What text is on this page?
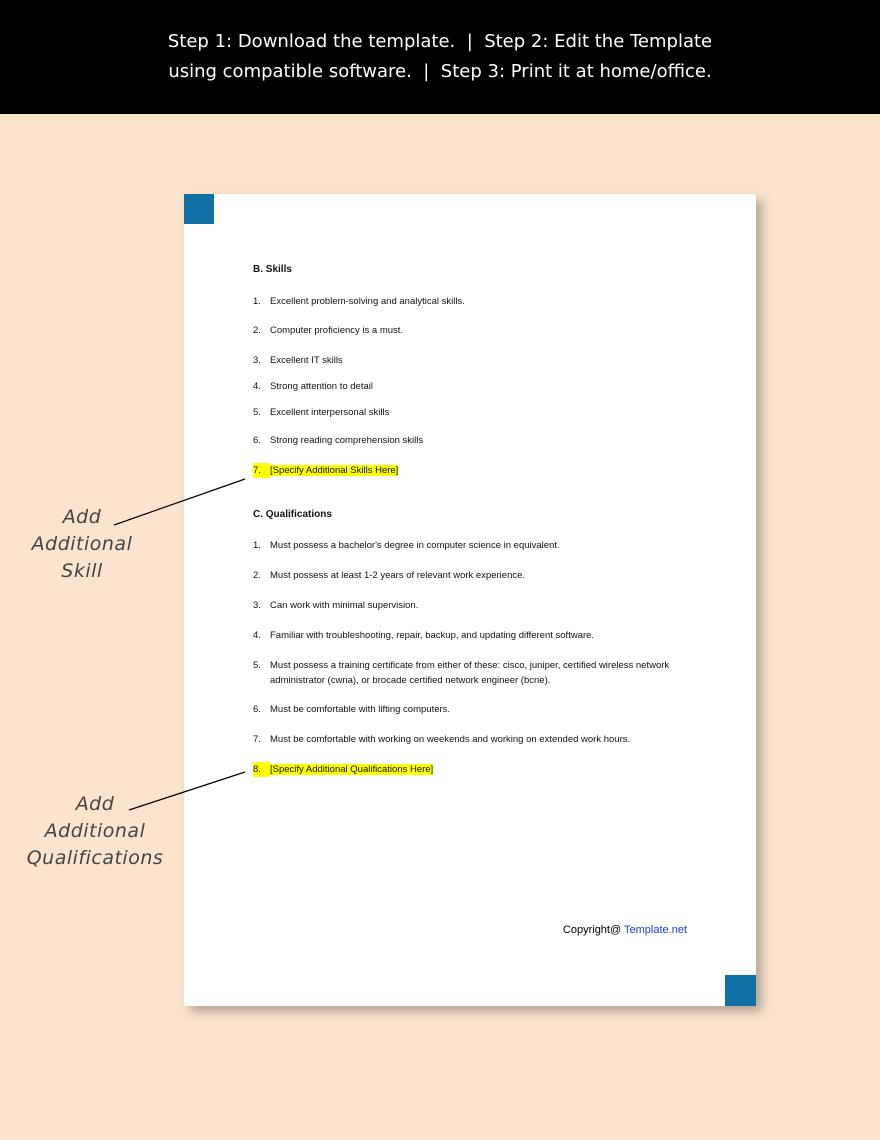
Step 1: Download the template.  |  Step 2: Edit the Template
using compatible software.  |  Step 3: Print it at home/office.
B. Skills
1. Excellent problem-solving and analytical skills.
2. Computer proficiency is a must.
3. Excellent IT skills
4. Strong attention to detail
5. Excellent interpersonal skills
6. Strong reading comprehension skills
7. [Specify Additional Skills Here]
C. Qualifications
1. Must possess a bachelor's degree in computer science in equivalent.
2. Must possess at least 1-2 years of relevant work experience.
3. Can work with minimal supervision.
4. Familiar with troubleshooting, repair, backup, and updating different software.
5. Must possess a training certificate from either of these: cisco, juniper, certified wireless network administrator (cwna), or brocade certified network engineer (bcne).
6. Must be comfortable with lifting computers.
7. Must be comfortable with working on weekends and working on extended work hours.
8. [Specify Additional Qualifications Here]
Copyright@ Template.net
Add
Additional
Skill
Add
Additional
Qualifications
